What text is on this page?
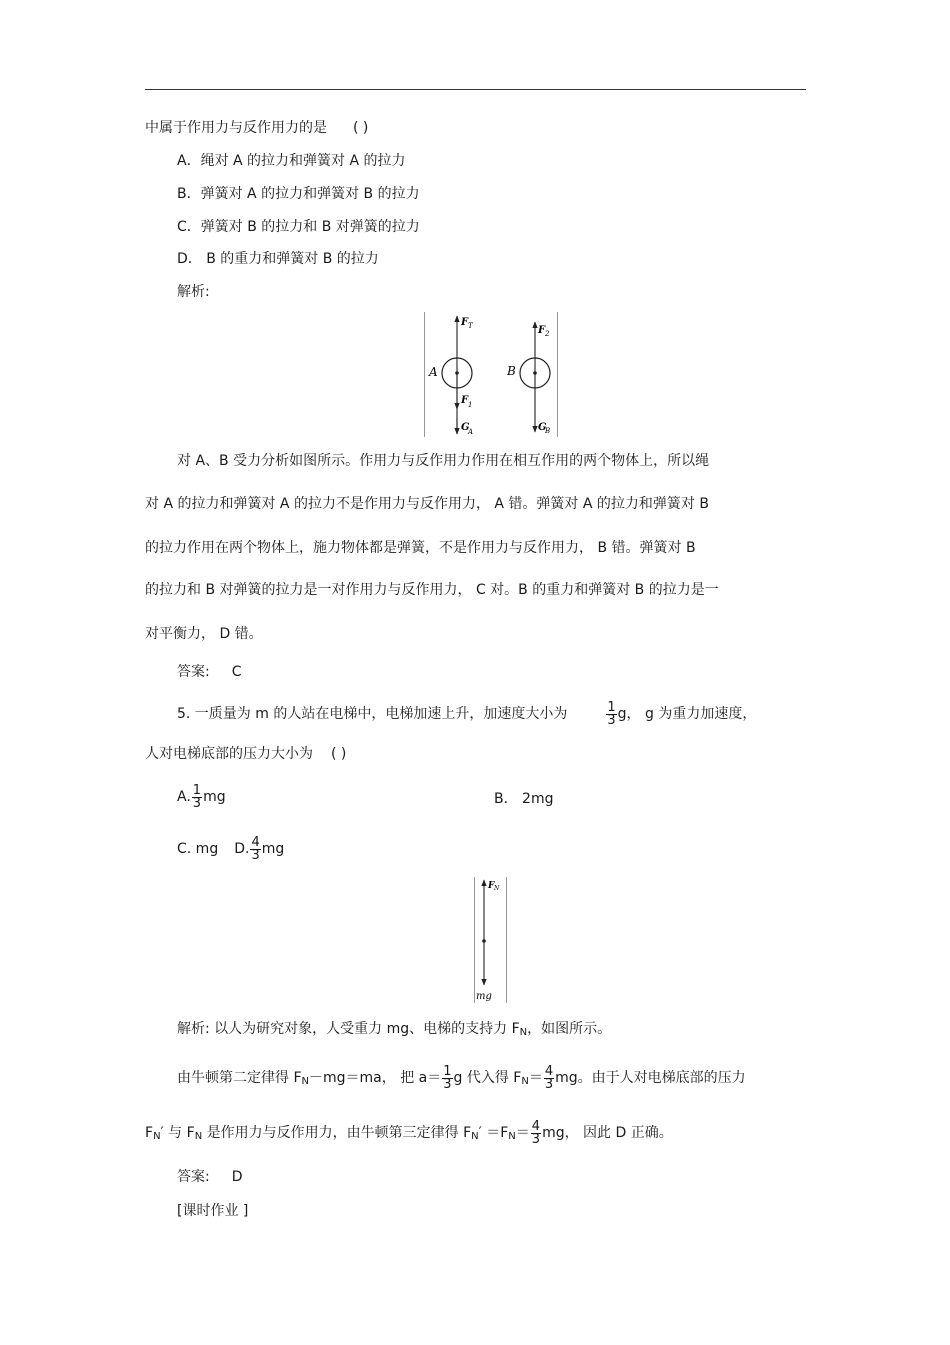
中属于作用力与反作用力的是 ( )
A．绳对 A 的拉力和弹簧对 A 的拉力
B．弹簧对 A 的拉力和弹簧对 B 的拉力
C．弹簧对 B 的拉力和 B 对弹簧的拉力
D． B 的重力和弹簧对 B 的拉力
解析:
A
F T
F 1
G
A
B
F 2
G
B
对 A、B 受力分析如图所示。作用力与反作用力作用在相互作用的两个物体上，所以绳
对 A 的拉力和弹簧对 A 的拉力不是作用力与反作用力， A 错。弹簧对 A 的拉力和弹簧对 B
的拉力作用在两个物体上，施力物体都是弹簧，不是作用力与反作用力， B 错。弹簧对 B
的拉力和 B 对弹簧的拉力是一对作用力与反作用力， C 对。B 的重力和弹簧对 B 的拉力是一
对平衡力， D 错。
答案: C
5. 一质量为 m 的人站在电梯中，电梯加速上升，加速度大小为	$\frac{1}{3}$ g， g 为重力加速度，
人对电梯底部的压力大小为 ( )
A. $\frac{1}{3}$ mg	B． 2mg
C. mg D. $\frac{4}{3}$ mg
F N
mg
解析: 以人为研究对象，人受重力 mg、电梯的支持力 $F_N$，如图所示。
由牛顿第二定律得 $F_N-mg=ma$， 把 $a= \frac{1}{3}$ g 代入得 $F_N= \frac{4}{3}$ mg。由于人对电梯底部的压力
$F_N'$ 与 $F_N$ 是作用力与反作用力，由牛顿第三定律得 $F_N' =F_N= \frac{4}{3}$ mg， 因此 D 正确。
答案: D
[课时作业 ]
